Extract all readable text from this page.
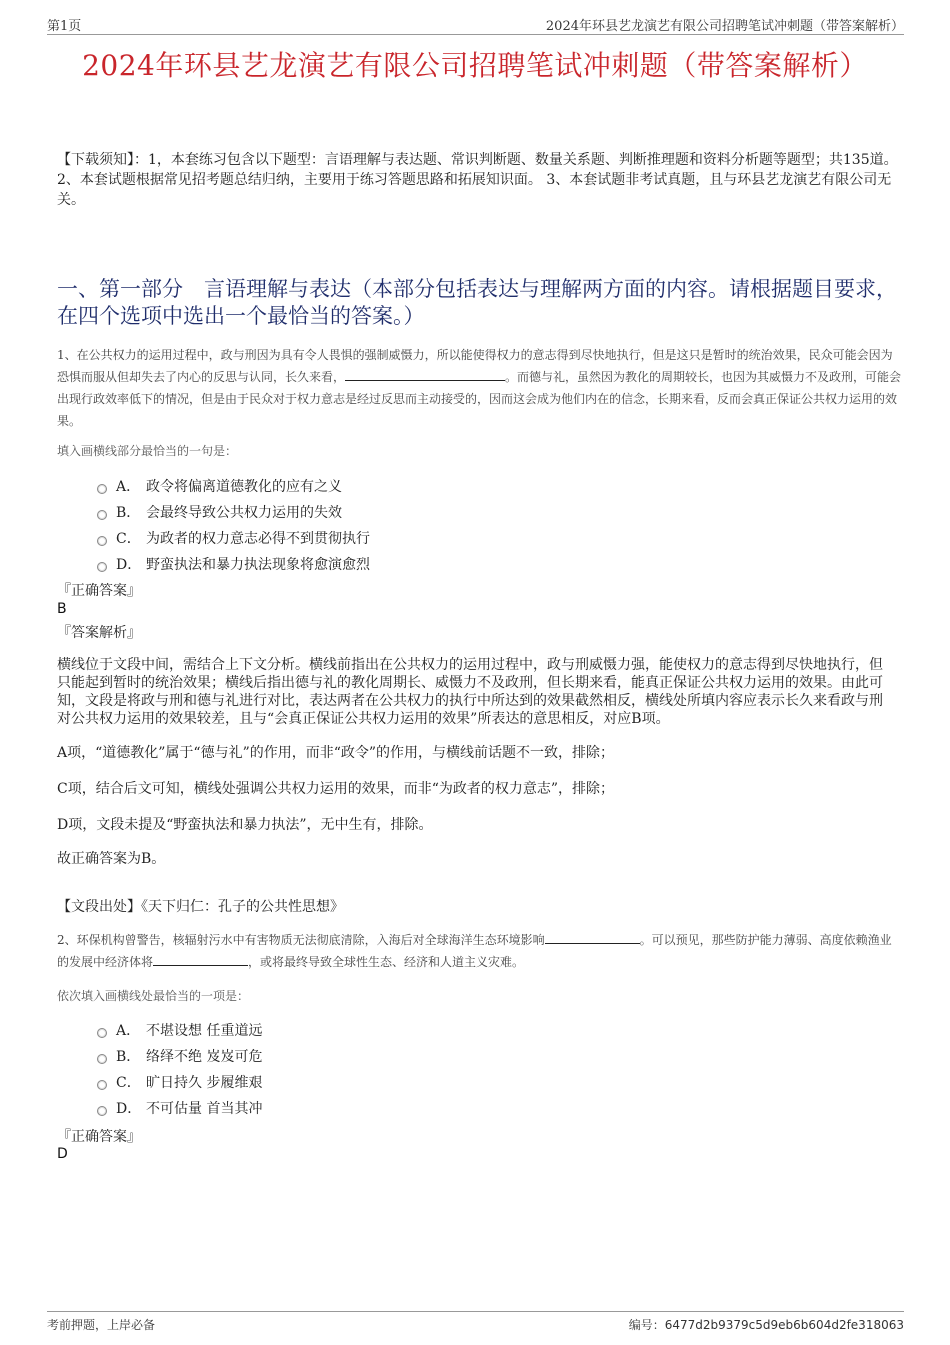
第1页	2024年环县艺龙演艺有限公司招聘笔试冲刺题（带答案解析）
2024年环县艺龙演艺有限公司招聘笔试冲刺题（带答案解析）
【下载须知】：1，本套练习包含以下题型：言语理解与表达题、常识判断题、数量关系题、判断推理题和资料分析题等题型；共135道。 2、本套试题根据常见招考题总结归纳，主要用于练习答题思路和拓展知识面。 3、本套试题非考试真题，且与环县艺龙演艺有限公司无关。
一、第一部分　言语理解与表达（本部分包括表达与理解两方面的内容。请根据题目要求，在四个选项中选出一个最恰当的答案。）
1、在公共权力的运用过程中，政与刑因为具有令人畏惧的强制威慑力，所以能使得权力的意志得到尽快地执行，但是这只是暂时的统治效果，民众可能会因为恐惧而服从但却失去了内心的反思与认同，长久来看，	。而德与礼，虽然因为教化的周期较长，也因为其威慑力不及政刑，可能会出现行政效率低下的情况，但是由于民众对于权力意志是经过反思而主动接受的，因而这会成为他们内在的信念，长期来看，反而会真正保证公共权力运用的效果。
填入画横线部分最恰当的一句是：
A． 政令将偏离道德教化的应有之义
B． 会最终导致公共权力运用的失效
C． 为政者的权力意志必得不到贯彻执行
D． 野蛮执法和暴力执法现象将愈演愈烈
『正确答案』
B
『答案解析』

横线位于文段中间，需结合上下文分析。横线前指出在公共权力的运用过程中，政与刑威慑力强，能使权力的意志得到尽快地执行，但只能起到暂时的统治效果；横线后指出德与礼的教化周期长、威慑力不及政刑，但长期来看，能真正保证公共权力运用的效果。由此可知，文段是将政与刑和德与礼进行对比，表达两者在公共权力的执行中所达到的效果截然相反，横线处所填内容应表示长久来看政与刑对公共权力运用的效果较差，且与“会真正保证公共权力运用的效果”所表达的意思相反，对应B项。

A项，“道德教化”属于“德与礼”的作用，而非“政令”的作用，与横线前话题不一致，排除；

C项，结合后文可知，横线处强调公共权力运用的效果，而非“为政者的权力意志”，排除；

D项，文段未提及“野蛮执法和暴力执法”，无中生有，排除。

故正确答案为B。

【文段出处】《天下归仁：孔子的公共性思想》
2、环保机构曾警告，核辐射污水中有害物质无法彻底清除，入海后对全球海洋生态环境影响	。可以预见，那些防护能力薄弱、高度依赖渔业的发展中经济体将	，或将最终导致全球性生态、经济和人道主义灾难。
依次填入画横线处最恰当的一项是：
A． 不堪设想 任重道远
B． 络绎不绝 岌岌可危
C． 旷日持久 步履维艰
D． 不可估量 首当其冲
『正确答案』
D
考前押题，上岸必备	编号：6477d2b9379c5d9eb6b604d2fe318063
